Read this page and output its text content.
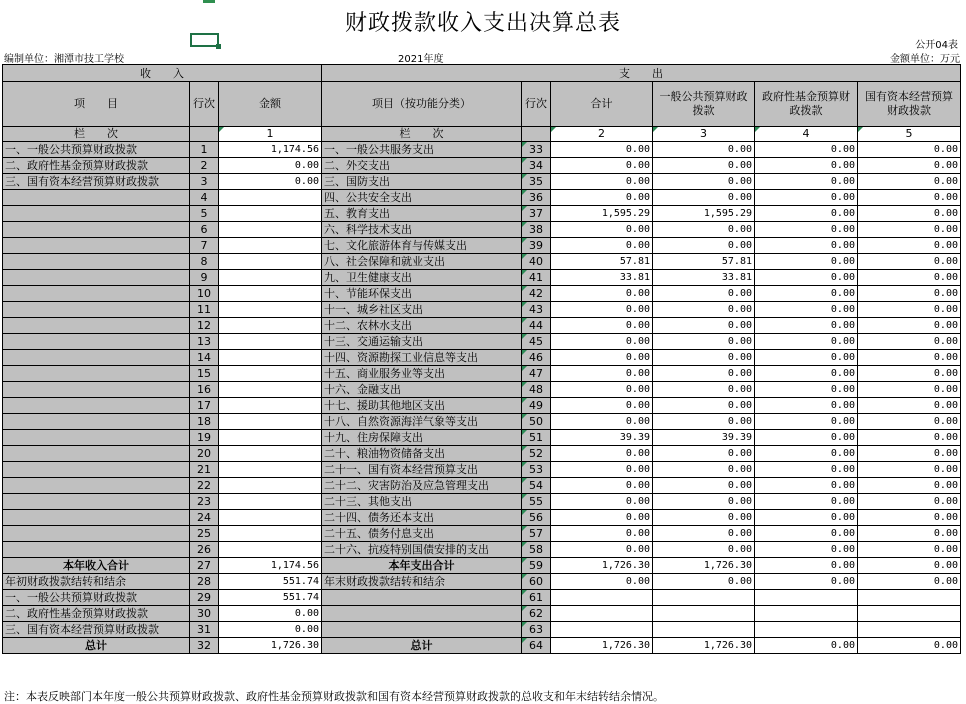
财政拨款收入支出决算总表
编制单位：湘潭市技工学校	2021年度
公开04表
金额单位：万元
收　　入			支　　出					
项　　目	行次	金额	项目（按功能分类）	行次	合计	一般公共预算财政拨款	政府性基金预算财政拨款	国有资本经营预算财政拨款
栏　　次		1	栏　　次		2	3	4	5
一、一般公共预算财政拨款	1	1,174.56	一、一般公共服务支出	33	0.00	0.00	0.00	0.00
二、政府性基金预算财政拨款	2	0.00	二、外交支出	34	0.00	0.00	0.00	0.00
三、国有资本经营预算财政拨款	3	0.00	三、国防支出	35	0.00	0.00	0.00	0.00
	4		四、公共安全支出	36	0.00	0.00	0.00	0.00
	5		五、教育支出	37	1,595.29	1,595.29	0.00	0.00
	6		六、科学技术支出	38	0.00	0.00	0.00	0.00
	7		七、文化旅游体育与传媒支出	39	0.00	0.00	0.00	0.00
	8		八、社会保障和就业支出	40	57.81	57.81	0.00	0.00
	9		九、卫生健康支出	41	33.81	33.81	0.00	0.00
	10		十、节能环保支出	42	0.00	0.00	0.00	0.00
	11		十一、城乡社区支出	43	0.00	0.00	0.00	0.00
	12		十二、农林水支出	44	0.00	0.00	0.00	0.00
	13		十三、交通运输支出	45	0.00	0.00	0.00	0.00
	14		十四、资源勘探工业信息等支出	46	0.00	0.00	0.00	0.00
	15		十五、商业服务业等支出	47	0.00	0.00	0.00	0.00
	16		十六、金融支出	48	0.00	0.00	0.00	0.00
	17		十七、援助其他地区支出	49	0.00	0.00	0.00	0.00
	18		十八、自然资源海洋气象等支出	50	0.00	0.00	0.00	0.00
	19		十九、住房保障支出	51	39.39	39.39	0.00	0.00
	20		二十、粮油物资储备支出	52	0.00	0.00	0.00	0.00
	21		二十一、国有资本经营预算支出	53	0.00	0.00	0.00	0.00
	22		二十二、灾害防治及应急管理支出	54	0.00	0.00	0.00	0.00
	23		二十三、其他支出	55	0.00	0.00	0.00	0.00
	24		二十四、债务还本支出	56	0.00	0.00	0.00	0.00
	25		二十五、债务付息支出	57	0.00	0.00	0.00	0.00
	26		二十六、抗疫特别国债安排的支出	58	0.00	0.00	0.00	0.00
本年收入合计	27	1,174.56	本年支出合计	59	1,726.30	1,726.30	0.00	0.00
年初财政拨款结转和结余	28	551.74	年末财政拨款结转和结余	60	0.00	0.00	0.00	0.00
一、一般公共预算财政拨款	29	551.74		61				
二、政府性基金预算财政拨款	30	0.00		62				
三、国有资本经营预算财政拨款	31	0.00		63				
总计	32	1,726.30	总计	64	1,726.30	1,726.30	0.00	0.00
注：本表反映部门本年度一般公共预算财政拨款、政府性基金预算财政拨款和国有资本经营预算财政拨款的总收支和年末结转结余情况。
